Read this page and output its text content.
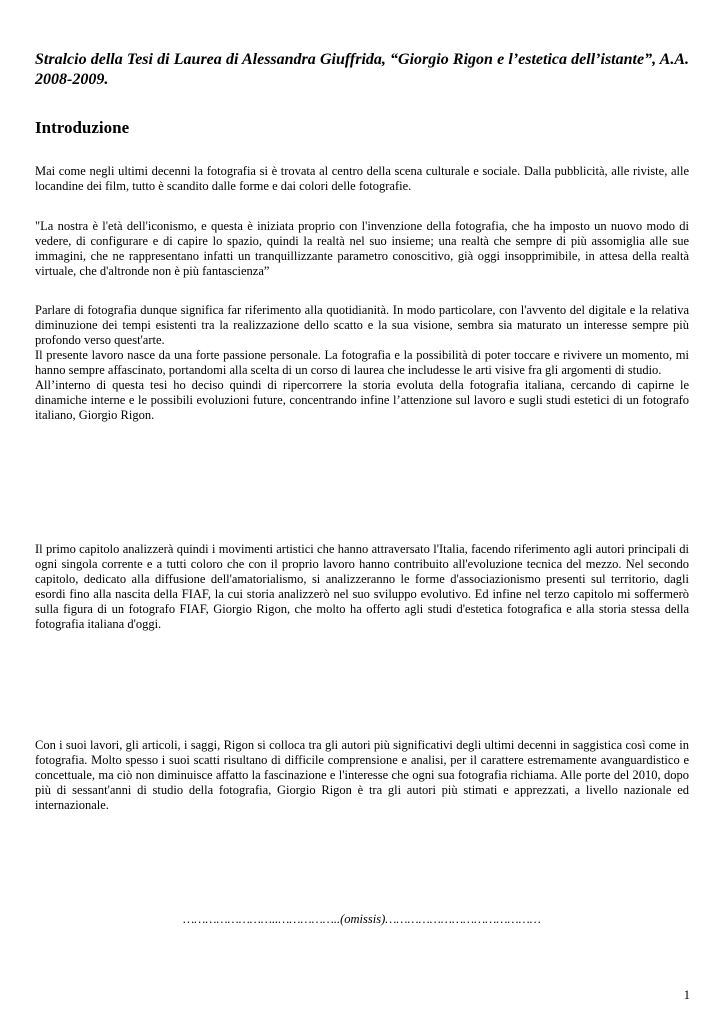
Stralcio della Tesi di Laurea di Alessandra Giuffrida, “Giorgio Rigon e l’estetica dell’istante”, A.A. 2008-2009.

Introduzione

Mai come negli ultimi decenni la fotografia si è trovata al centro della scena culturale e sociale. Dalla pubblicità, alle riviste, alle locandine dei film, tutto è scandito dalle forme e dai colori delle fotografie.

"La nostra è l'età dell'iconismo, e questa è iniziata proprio con l'invenzione della fotografia, che ha imposto un nuovo modo di vedere, di configurare e di capire lo spazio, quindi la realtà nel suo insieme; una realtà che sempre di più assomiglia alle sue immagini, che ne rappresentano infatti un tranquillizzante parametro conoscitivo, già oggi insopprimibile, in attesa della realtà virtuale, che d'altronde non è più fantascienza”

Parlare di fotografia dunque significa far riferimento alla quotidianità. In modo particolare, con l'avvento del digitale e la relativa diminuzione dei tempi esistenti tra la realizzazione dello scatto e la sua visione, sembra sia maturato un interesse sempre più profondo verso quest'arte.
Il presente lavoro nasce da una forte passione personale. La fotografia e la possibilità di poter toccare e rivivere un momento, mi hanno sempre affascinato, portandomi alla scelta di un corso di laurea che includesse le arti visive fra gli argomenti di studio.
All’interno di questa tesi ho deciso quindi di ripercorrere la storia evoluta della fotografia italiana, cercando di capirne le dinamiche interne e le possibili evoluzioni future, concentrando infine l’attenzione sul lavoro e sugli studi estetici di un fotografo italiano, Giorgio Rigon.

Il primo capitolo analizzerà quindi i movimenti artistici che hanno attraversato l'Italia, facendo riferimento agli autori principali di ogni singola corrente e a tutti coloro che con il proprio lavoro hanno contribuito all'evoluzione tecnica del mezzo. Nel secondo capitolo, dedicato alla diffusione dell'amatorialismo, si analizzeranno le forme d'associazionismo presenti sul territorio, dagli esordi fino alla nascita della FIAF, la cui storia analizzerò nel suo sviluppo evolutivo. Ed infine nel terzo capitolo mi soffermerò sulla figura di un fotografo FIAF, Giorgio Rigon, che molto ha offerto agli studi d'estetica fotografica e alla storia stessa della fotografia italiana d'oggi.

Con i suoi lavori, gli articoli, i saggi, Rigon si colloca tra gli autori più significativi degli ultimi decenni in saggistica così come in fotografia. Molto spesso i suoi scatti risultano di difficile comprensione e analisi, per il carattere estremamente avanguardistico e concettuale, ma ciò non diminuisce affatto la fascinazione e l'interesse che ogni sua fotografia richiama. Alle porte del 2010, dopo più di sessant'anni di studio della fotografia, Giorgio Rigon è tra gli autori più stimati e apprezzati, a livello nazionale ed internazionale.

……………………..……………..(omissis)……………………………………

1
